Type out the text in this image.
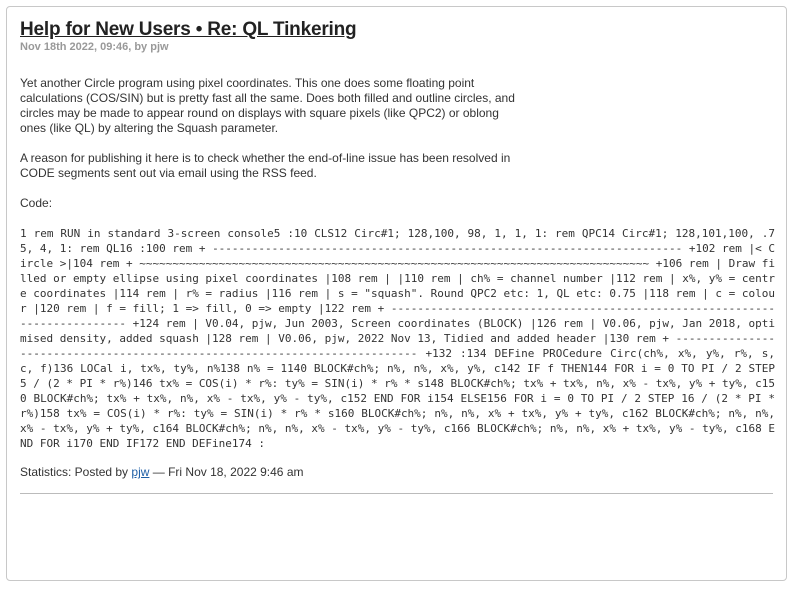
Help for New Users • Re: QL Tinkering

Nov 18th 2022, 09:46, by pjw

Yet another Circle program using pixel coordinates. This one does some floating point calculations (COS/SIN) but is pretty fast all the same. Does both filled and outline circles, and circles may be made to appear round on displays with square pixels (like QPC2) or oblong ones (like QL) by altering the Squash parameter.

A reason for publishing it here is to check whether the end-of-line issue has been resolved in CODE segments sent out via email using the RSS feed.

Code:
1 rem RUN in standard 3-screen console5 :10 CLS12 Circ#1; 128,100, 98, 1, 1, 1: rem QPC14 Circ#1; 128,101,100, .75, 4, 1: rem QL16 :100 rem + ----------------------------------------------------------------------- +102 rem |< Circle >|104 rem + ~~~~~~~~~~~~~~~~~~~~~~~~~~~~~~~~~~~~~~~~~~~~~~~~~~~~~~~~~~~~~~~~~~~~~~~~~~~~~ +106 rem | Draw filled or empty ellipse using pixel coordinates |108 rem | |110 rem | ch% = channel number |112 rem | x%, y% = centre coordinates |114 rem | r% = radius |116 rem | s = "squash". Round QPC2 etc: 1, QL etc: 0.75 |118 rem | c = colour |120 rem | f = fill; 1 => fill, 0 => empty |122 rem + -------------------------------------------------------------------------- +124 rem | V0.04, pjw, Jun 2003, Screen coordinates (BLOCK) |126 rem | V0.06, pjw, Jan 2018, optimised density, added squash |128 rem | V0.06, pjw, 2022 Nov 13, Tidied and added header |130 rem + --------------------------------------------------------------------------- +132 :134 DEFine PROCedure Circ(ch%, x%, y%, r%, s, c, f)136 LOCal i, tx%, ty%, n%138 n% = 1140 BLOCK#ch%; n%, n%, x%, y%, c142 IF f THEN144 FOR i = 0 TO PI / 2 STEP 5 / (2 * PI * r%)146 tx% = COS(i) * r%: ty% = SIN(i) * r% * s148 BLOCK#ch%; tx% + tx%, n%, x% - tx%, y% + ty%, c150 BLOCK#ch%; tx% + tx%, n%, x% - tx%, y% - ty%, c152 END FOR i154 ELSE156 FOR i = 0 TO PI / 2 STEP 16 / (2 * PI * r%)158 tx% = COS(i) * r%: ty% = SIN(i) * r% * s160 BLOCK#ch%; n%, n%, x% + tx%, y% + ty%, c162 BLOCK#ch%; n%, n%, x% - tx%, y% + ty%, c164 BLOCK#ch%; n%, n%, x% - tx%, y% - ty%, c166 BLOCK#ch%; n%, n%, x% + tx%, y% - ty%, c168 END FOR i170 END IF172 END DEFine174 :
Statistics: Posted by pjw — Fri Nov 18, 2022 9:46 am
